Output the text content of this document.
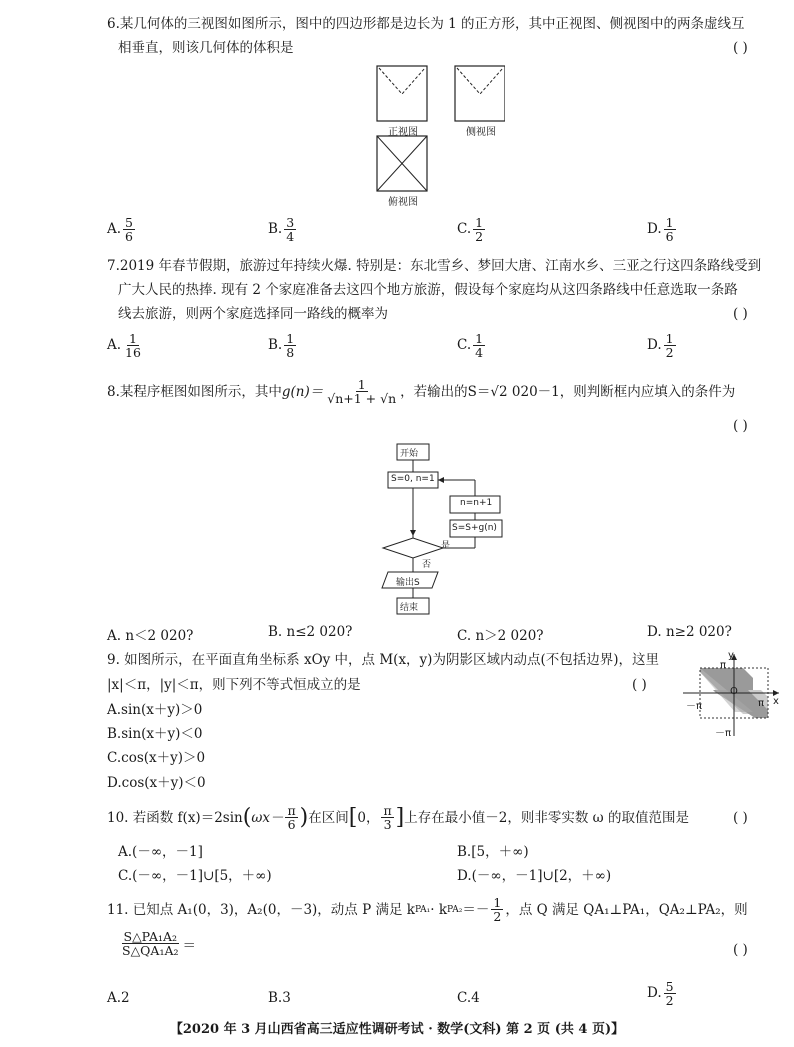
6.某几何体的三视图如图所示，图中的四边形都是边长为 1 的正方形，其中正视图、侧视图中的两条虚线互
相垂直，则该几何体的体积是	( )
正视图	侧视图
俯视图
A. $\frac{5}{6}$	B. $\frac{3}{4}$	C. $\frac{1}{2}$	D. $\frac{1}{6}$
7.2019 年春节假期，旅游过年持续火爆. 特别是：东北雪乡、梦回大唐、江南水乡、三亚之行这四条路线受到
广大人民的热捧. 现有 2 个家庭准备去这四个地方旅游，假设每个家庭均从这四条路线中任意选取一条路
线去旅游，则两个家庭选择同一路线的概率为	( )
A. $\frac{1}{16}$	B. $\frac{1}{8}$	C. $\frac{1}{4}$	D. $\frac{1}{2}$
8.某程序框图如图所示，其中 $g(n)= \frac{1}{√n+1 + √n}$ ，若输出的S＝√2 020－1，则判断框内应填入的条件为
( )
开始
S=0, n=1
n=n+1
S=S+g(n)
是
否
输出S
结束
A. n＜2 020?	B. n≤2 020?	C. n＞2 020?	D. n≥2 020?
9. 如图所示，在平面直角坐标系 xOy 中，点 M(x，y)为阴影区域内动点(不包括边界)，这里
|x|＜π，|y|＜π，则下列不等式恒成立的是	( )
A.sin(x＋y)＞0
B.sin(x＋y)＜0
C.cos(x＋y)＞0
D.cos(x＋y)＜0
y
π
x
O
－π	π
－π
10. 若函数 f(x)＝2sin ( $\omega x- \frac{\pi}{6}$ ) 在区间 [ 0， $\frac{\pi}{3}$ ] 上存在最小值－2，则非零实数 ω 的取值范围是	( )
A.(－∞，－1]	B.[5，＋∞)
C.(－∞，－1]∪[5，＋∞)	D.(－∞，－1]∪[2，＋∞)
11. 已知点 A₁(0，3)，A₂(0，－3)，动点 P 满足 k PA₁ · k $PA_2 =- \frac{1}{2}$ ，点 Q 满足 QA₁⊥PA₁，QA₂⊥PA₂，则
$\frac{\text{S△PA₁A₂}}{\text{S△QA₁A₂}}$ ＝	( )
A.2	B.3	C.4	D. $\frac{5}{2}$
【2020 年 3 月山西省高三适应性调研考试 · 数学(文科) 第 2 页 (共 4 页)】
